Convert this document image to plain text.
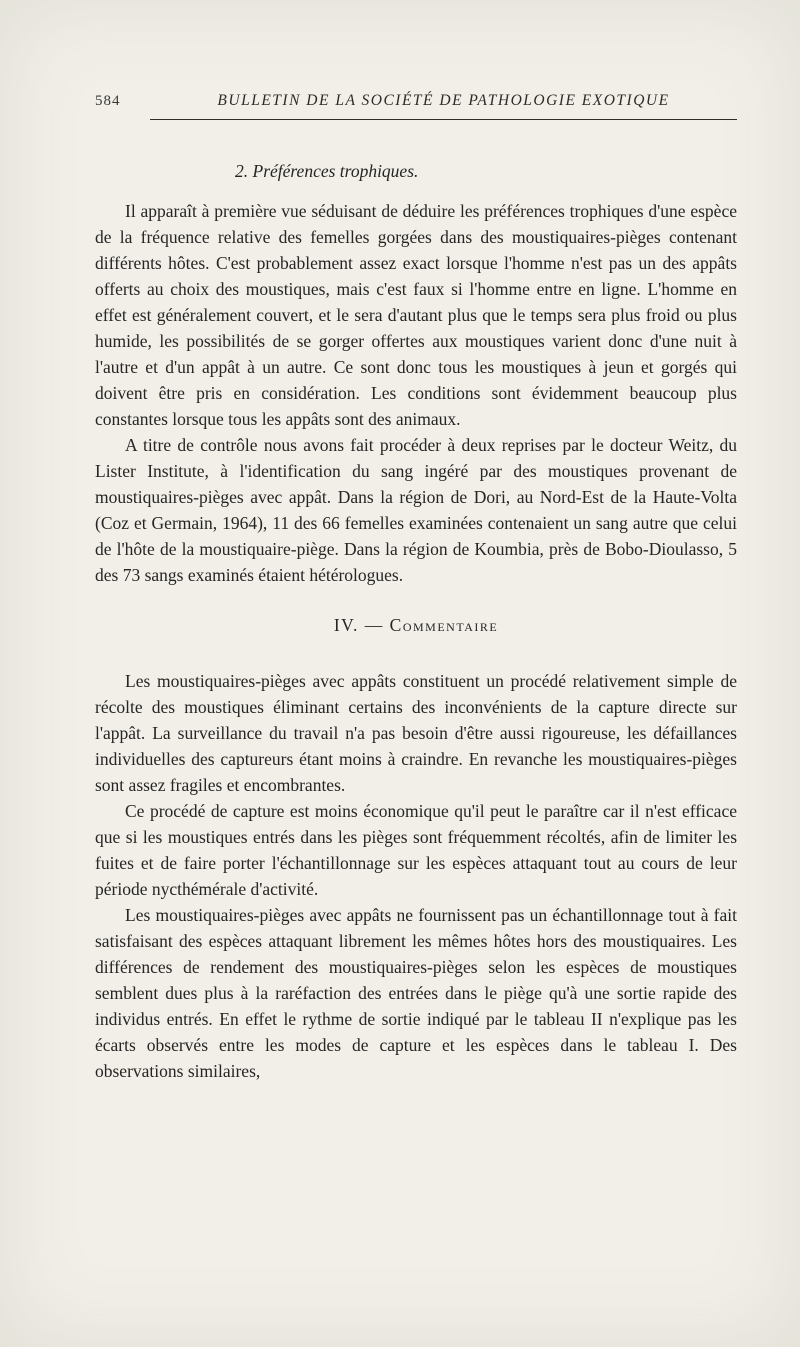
584	BULLETIN DE LA SOCIÉTÉ DE PATHOLOGIE EXOTIQUE
2. Préférences trophiques.

Il apparaît à première vue séduisant de déduire les préférences trophiques d'une espèce de la fréquence relative des femelles gorgées dans des moustiquaires-pièges contenant différents hôtes. C'est probablement assez exact lorsque l'homme n'est pas un des appâts offerts au choix des moustiques, mais c'est faux si l'homme entre en ligne. L'homme en effet est généralement couvert, et le sera d'autant plus que le temps sera plus froid ou plus humide, les possibilités de se gorger offertes aux moustiques varient donc d'une nuit à l'autre et d'un appât à un autre. Ce sont donc tous les moustiques à jeun et gorgés qui doivent être pris en considération. Les conditions sont évidemment beaucoup plus constantes lorsque tous les appâts sont des animaux.

A titre de contrôle nous avons fait procéder à deux reprises par le docteur Weitz, du Lister Institute, à l'identification du sang ingéré par des moustiques provenant de moustiquaires-pièges avec appât. Dans la région de Dori, au Nord-Est de la Haute-Volta (Coz et Germain, 1964), 11 des 66 femelles examinées contenaient un sang autre que celui de l'hôte de la moustiquaire-piège. Dans la région de Koumbia, près de Bobo-Dioulasso, 5 des 73 sangs examinés étaient hétérologues.

IV. — Commentaire

Les moustiquaires-pièges avec appâts constituent un procédé relativement simple de récolte des moustiques éliminant certains des inconvénients de la capture directe sur l'appât. La surveillance du travail n'a pas besoin d'être aussi rigoureuse, les défaillances individuelles des captureurs étant moins à craindre. En revanche les moustiquaires-pièges sont assez fragiles et encombrantes.

Ce procédé de capture est moins économique qu'il peut le paraître car il n'est efficace que si les moustiques entrés dans les pièges sont fréquemment récoltés, afin de limiter les fuites et de faire porter l'échantillonnage sur les espèces attaquant tout au cours de leur période nycthémérale d'activité.

Les moustiquaires-pièges avec appâts ne fournissent pas un échantillonnage tout à fait satisfaisant des espèces attaquant librement les mêmes hôtes hors des moustiquaires. Les différences de rendement des moustiquaires-pièges selon les espèces de moustiques semblent dues plus à la raréfaction des entrées dans le piège qu'à une sortie rapide des individus entrés. En effet le rythme de sortie indiqué par le tableau II n'explique pas les écarts observés entre les modes de capture et les espèces dans le tableau I. Des observations similaires,
